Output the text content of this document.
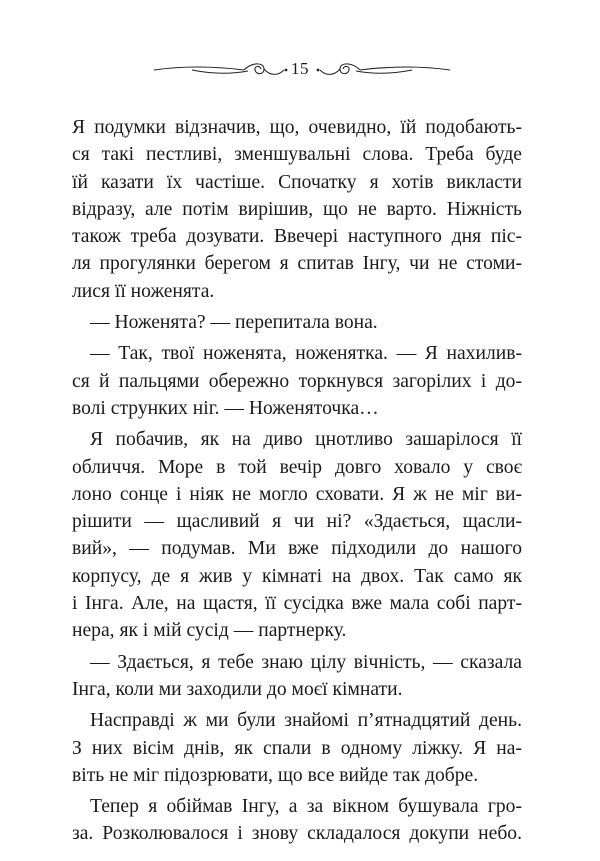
15
Я подумки відзначив, що, очевидно, їй подобають-
ся такі пестливі, зменшувальні слова. Треба буде
їй казати їх частіше. Спочатку я хотів викласти
відразу, але потім вирішив, що не варто. Ніжність
також треба дозувати. Ввечері наступного дня піс-
ля прогулянки берегом я спитав Інгу, чи не стоми-
лися її ноженята.
— Ноженята? — перепитала вона.
— Так, твої ноженята, ноженятка. — Я нахилив-
ся й пальцями обережно торкнувся загорілих і до-
волі струнких ніг. — Ноженяточка…
Я побачив, як на диво цнотливо зашарілося її
обличчя. Море в той вечір довго ховало у своє
лоно сонце і ніяк не могло сховати. Я ж не міг ви-
рішити — щасливий я чи ні? «Здається, щасли-
вий», — подумав. Ми вже підходили до нашого
корпусу, де я жив у кімнаті на двох. Так само як
і Інга. Але, на щастя, її сусідка вже мала собі парт-
нера, як і мій сусід — партнерку.
— Здається, я тебе знаю цілу вічність, — сказала
Інга, коли ми заходили до моєї кімнати.
Насправді ж ми були знайомі п’ятнадцятий день.
З них вісім днів, як спали в одному ліжку. Я на-
віть не міг підозрювати, що все вийде так добре.
Тепер я обіймав Інгу, а за вікном бушувала гро-
за. Розколювалося і знову складалося докупи небо.
